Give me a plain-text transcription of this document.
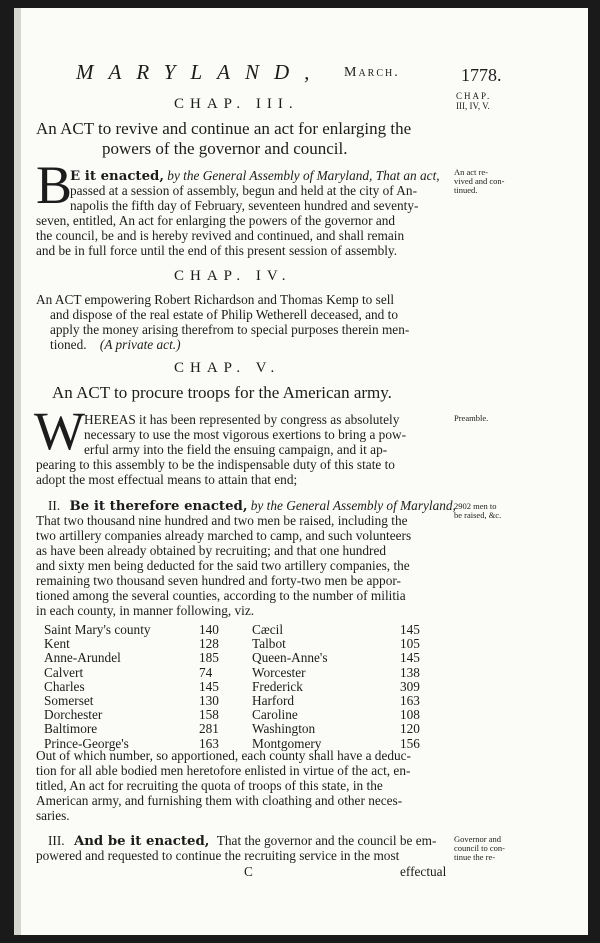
MARYLAND, March.	1778.
CHAP.
III, IV, V.
CHAP. III.
An ACT to revive and continue an act for enlarging the
powers of the governor and council.
B
E it enacted, by the General Assembly of Maryland, That an act,
passed at a session of assembly, begun and held at the city of An-
napolis the fifth day of February, seventeen hundred and seventy-
seven, entitled, An act for enlarging the powers of the governor and
the council, be and is hereby revived and continued, and shall remain
and be in full force until the end of this present session of assembly.
An act re-
vived and con-
tinued.
CHAP. IV.
An ACT empowering Robert Richardson and Thomas Kemp to sell
and dispose of the real estate of Philip Wetherell deceased, and to
apply the money arising therefrom to special purposes therein men-
tioned. (A private act.)
CHAP. V.
An ACT to procure troops for the American army.
W HEREAS it has been represented by congress as absolutely
necessary to use the most vigorous exertions to bring a pow-
erful army into the field the ensuing campaign, and it ap-
pearing to this assembly to be the indispensable duty of this state to
adopt the most effectual means to attain that end;
Preamble.
II. Be it therefore enacted, by the General Assembly of Maryland,
That two thousand nine hundred and two men be raised, including the
two artillery companies already marched to camp, and such volunteers
as have been already obtained by recruiting; and that one hundred
and sixty men being deducted for the said two artillery companies, the
remaining two thousand seven hundred and forty-two men be appor-
tioned among the several counties, according to the number of militia
in each county, in manner following, viz.
2902 men to
be raised, &c.
Saint Mary's county	140 Cæcil	145
Kent	128 Talbot	105
Anne-Arundel	185 Queen-Anne's	145
Calvert	74	Worcester	138
Charles	145 Frederick	309
Somerset	130 Harford	163
Dorchester	158 Caroline	108
Baltimore	281 Washington	120
Prince-George's	163 Montgomery	156
Out of which number, so apportioned, each county shall have a deduc-
tion for all able bodied men heretofore enlisted in virtue of the act, en-
titled, An act for recruiting the quota of troops of this state, in the
American army, and furnishing them with cloathing and other neces-
saries.
III. And be it enacted, That the governor and the council be em-
powered and requested to continue the recruiting service in the most
Governor and
council to con-
tinue the re-
C	effectual
